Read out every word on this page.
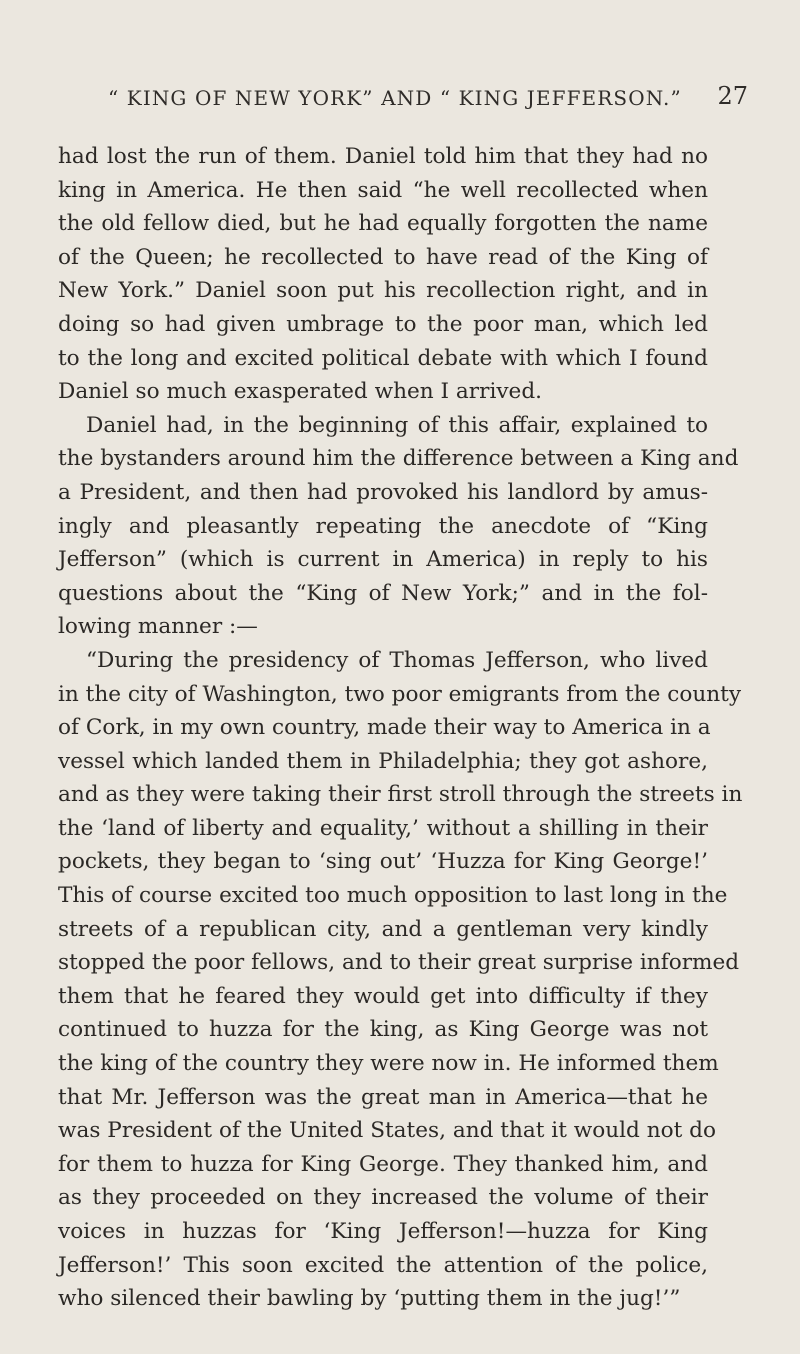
“ KING OF NEW YORK” AND “ KING JEFFERSON.” 27
had lost the run of them. Daniel told him that they had no
king in America. He then said “he well recollected when
the old fellow died, but he had equally forgotten the name
of the Queen; he recollected to have read of the King of
New York.” Daniel soon put his recollection right, and in
doing so had given umbrage to the poor man, which led
to the long and excited political debate with which I found
Daniel so much exasperated when I arrived.
Daniel had, in the beginning of this affair, explained to
the bystanders around him the difference between a King and
a President, and then had provoked his landlord by amus-
ingly and pleasantly repeating the anecdote of “King
Jefferson” (which is current in America) in reply to his
questions about the “King of New York;” and in the fol-
lowing manner :—
“During the presidency of Thomas Jefferson, who lived
in the city of Washington, two poor emigrants from the county
of Cork, in my own country, made their way to America in a
vessel which landed them in Philadelphia; they got ashore,
and as they were taking their first stroll through the streets in
the ‘land of liberty and equality,’ without a shilling in their
pockets, they began to ‘sing out’ ‘Huzza for King George!’
This of course excited too much opposition to last long in the
streets of a republican city, and a gentleman very kindly
stopped the poor fellows, and to their great surprise informed
them that he feared they would get into difficulty if they
continued to huzza for the king, as King George was not
the king of the country they were now in. He informed them
that Mr. Jefferson was the great man in America—that he
was President of the United States, and that it would not do
for them to huzza for King George. They thanked him, and
as they proceeded on they increased the volume of their
voices in huzzas for ‘King Jefferson!—huzza for King
Jefferson!’ This soon excited the attention of the police,
who silenced their bawling by ‘putting them in the jug!’”
